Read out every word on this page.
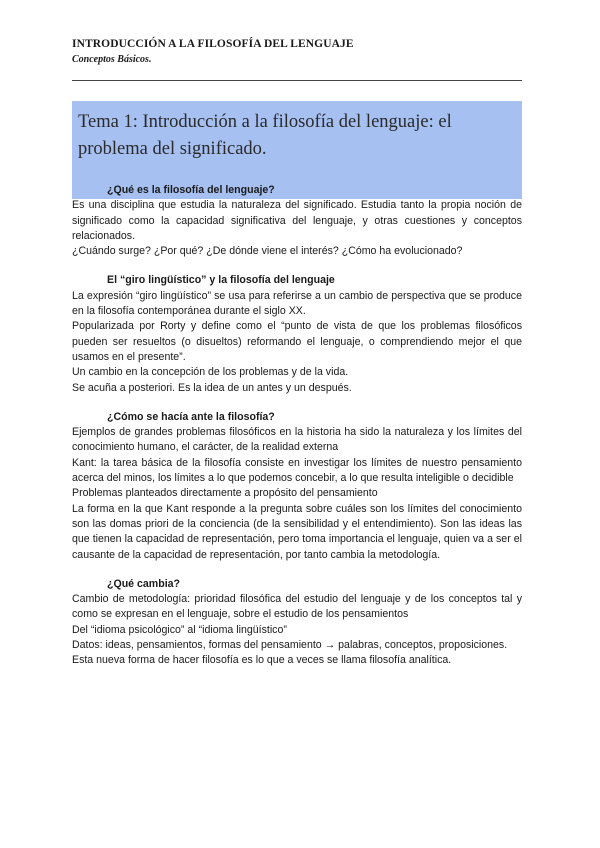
INTRODUCCIÓN A LA FILOSOFÍA DEL LENGUAJE
Conceptos Básicos.
Tema 1: Introducción a la filosofía del lenguaje: el problema del significado.

¿Qué es la filosofía del lenguaje?

Es una disciplina que estudia la naturaleza del significado. Estudia tanto la propia noción de significado como la capacidad significativa del lenguaje, y otras cuestiones y conceptos relacionados.

¿Cuándo surge? ¿Por qué? ¿De dónde viene el interés? ¿Cómo ha evolucionado?

El “giro lingüístico” y la filosofía del lenguaje

La expresión “giro lingüístico” se usa para referirse a un cambio de perspectiva que se produce en la filosofía contemporánea durante el siglo XX.

Popularizada por Rorty y define como el “punto de vista de que los problemas filosóficos pueden ser resueltos (o disueltos) reformando el lenguaje, o comprendiendo mejor el que usamos en el presente”.

Un cambio en la concepción de los problemas y de la vida.

Se acuña a posteriori. Es la idea de un antes y un después.

¿Cómo se hacía ante la filosofía?

Ejemplos de grandes problemas filosóficos en la historia ha sido la naturaleza y los límites del conocimiento humano, el carácter, de la realidad externa

Kant: la tarea básica de la filosofía consiste en investigar los límites de nuestro pensamiento acerca del minos, los límites a lo que podemos concebir, a lo que resulta inteligible o decidible

Problemas planteados directamente a propósito del pensamiento

La forma en la que Kant responde a la pregunta sobre cuáles son los límites del conocimiento son las domas priori de la conciencia (de la sensibilidad y el entendimiento). Son las ideas las que tienen la capacidad de representación, pero toma importancia el lenguaje, quien va a ser el causante de la capacidad de representación, por tanto cambia la metodología.

¿Qué cambia?

Cambio de metodología: prioridad filosófica del estudio del lenguaje y de los conceptos tal y como se expresan en el lenguaje, sobre el estudio de los pensamientos

Del “idioma psicológico” al “idioma lingüístico”

Datos: ideas, pensamientos, formas del pensamiento → palabras, conceptos, proposiciones.

Esta nueva forma de hacer filosofía es lo que a veces se llama filosofía analítica.
